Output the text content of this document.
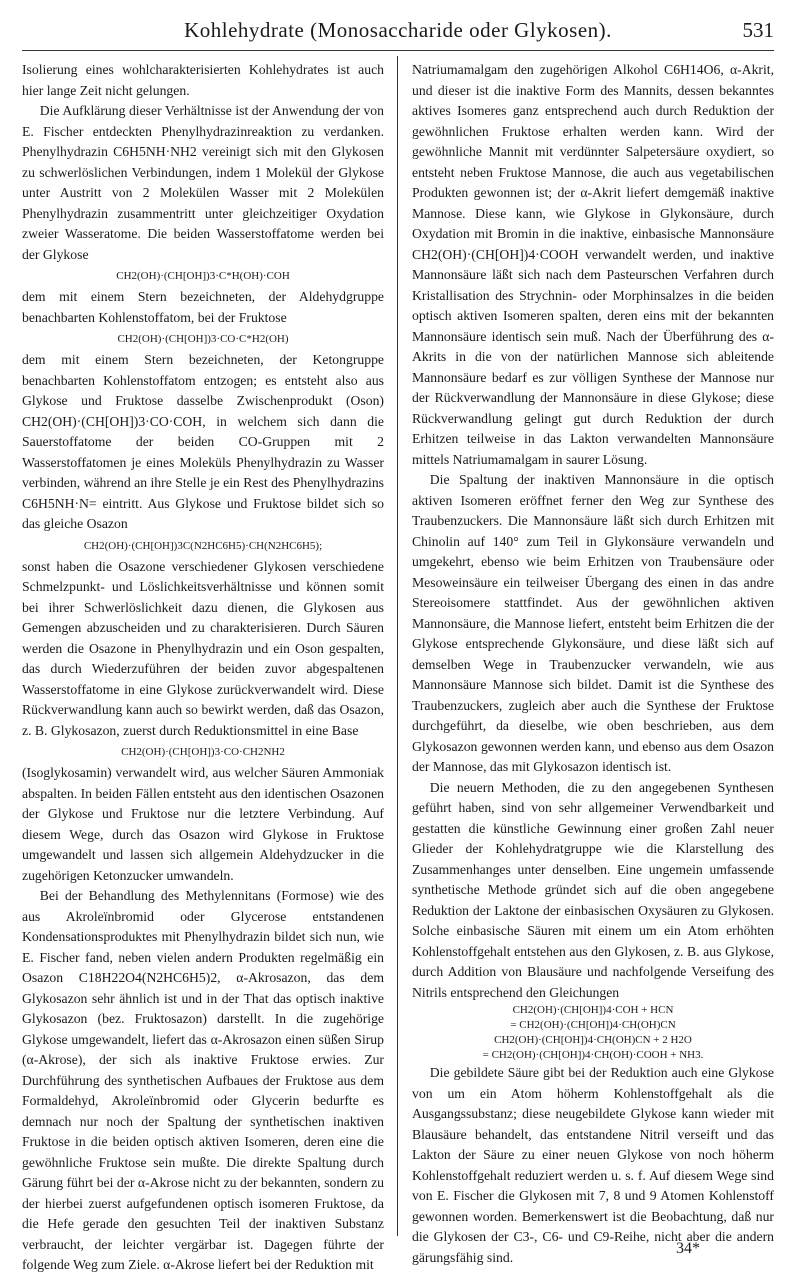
Kohlehydrate (Monosaccharide oder Glykosen).	531

Isolierung eines wohlcharakterisierten Kohlehydrates ist auch hier lange Zeit nicht gelungen.

Die Aufklärung dieser Verhältnisse ist der Anwendung der von E. Fischer entdeckten Phenylhydrazinreaktion zu verdanken. Phenylhydrazin C6H5NH·NH2 vereinigt sich mit den Glykosen zu schwerlöslichen Verbindungen, indem 1 Molekül der Glykose unter Austritt von 2 Molekülen Wasser mit 2 Molekülen Phenylhydrazin zusammentritt unter gleichzeitiger Oxydation zweier Wasseratome. Die beiden Wasserstoffatome werden bei der Glykose

CH2(OH)·(CH[OH])3·C*H(OH)·COH

dem mit einem Stern bezeichneten, der Aldehydgruppe benachbarten Kohlenstoffatom, bei der Fruktose

CH2(OH)·(CH[OH])3·CO·C*H2(OH)

dem mit einem Stern bezeichneten, der Ketongruppe benachbarten Kohlenstoffatom entzogen; es entsteht also aus Glykose und Fruktose dasselbe Zwischenprodukt (Oson) CH2(OH)·(CH[OH])3·CO·COH, in welchem sich dann die Sauerstoffatome der beiden CO-Gruppen mit 2 Wasserstoffatomen je eines Moleküls Phenylhydrazin zu Wasser verbinden, während an ihre Stelle je ein Rest des Phenylhydrazins C6H5NH·N= eintritt. Aus Glykose und Fruktose bildet sich so das gleiche Osazon

CH2(OH)·(CH[OH])3C(N2HC6H5)·CH(N2HC6H5);

sonst haben die Osazone verschiedener Glykosen verschiedene Schmelzpunkt- und Löslichkeitsverhältnisse und können somit bei ihrer Schwerlöslichkeit dazu dienen, die Glykosen aus Gemengen abzuscheiden und zu charakterisieren. Durch Säuren werden die Osazone in Phenylhydrazin und ein Oson gespalten, das durch Wiederzuführen der beiden zuvor abgespaltenen Wasserstoffatome in eine Glykose zurückverwandelt wird. Diese Rückverwandlung kann auch so bewirkt werden, daß das Osazon, z. B. Glykosazon, zuerst durch Reduktionsmittel in eine Base

CH2(OH)·(CH[OH])3·CO·CH2NH2

(Isoglykosamin) verwandelt wird, aus welcher Säuren Ammoniak abspalten. In beiden Fällen entsteht aus den identischen Osazonen der Glykose und Fruktose nur die letztere Verbindung. Auf diesem Wege, durch das Osazon wird Glykose in Fruktose umgewandelt und lassen sich allgemein Aldehydzucker in die zugehörigen Ketonzucker umwandeln.

Bei der Behandlung des Methylennitans (Formose) wie des aus Akroleïnbromid oder Glycerose entstandenen Kondensationsproduktes mit Phenylhydrazin bildet sich nun, wie E. Fischer fand, neben vielen andern Produkten regelmäßig ein Osazon C18H22O4(N2HC6H5)2, α-Akrosazon, das dem Glykosazon sehr ähnlich ist und in der That das optisch inaktive Glykosazon (bez. Fruktosazon) darstellt. In die zugehörige Glykose umgewandelt, liefert das α-Akrosazon einen süßen Sirup (α-Akrose), der sich als inaktive Fruktose erwies. Zur Durchführung des synthetischen Aufbaues der Fruktose aus dem Formaldehyd, Akroleïnbromid oder Glycerin bedurfte es demnach nur noch der Spaltung der synthetischen inaktiven Fruktose in die beiden optisch aktiven Isomeren, deren eine die gewöhnliche Fruktose sein mußte. Die direkte Spaltung durch Gärung führt bei der α-Akrose nicht zu der bekannten, sondern zu der hierbei zuerst aufgefundenen optisch isomeren Fruktose, da die Hefe gerade den gesuchten Teil der inaktiven Substanz verbraucht, der leichter vergärbar ist. Dagegen führte der folgende Weg zum Ziele. α-Akrose liefert bei der Reduktion mit

Natriumamalgam den zugehörigen Alkohol C6H14O6, α-Akrit, und dieser ist die inaktive Form des Mannits, dessen bekanntes aktives Isomeres ganz entsprechend auch durch Reduktion der gewöhnlichen Fruktose erhalten werden kann. Wird der gewöhnliche Mannit mit verdünnter Salpetersäure oxydiert, so entsteht neben Fruktose Mannose, die auch aus vegetabilischen Produkten gewonnen ist; der α-Akrit liefert demgemäß inaktive Mannose. Diese kann, wie Glykose in Glykonsäure, durch Oxydation mit Bromin in die inaktive, einbasische Mannonsäure CH2(OH)·(CH[OH])4·COOH verwandelt werden, und inaktive Mannonsäure läßt sich nach dem Pasteurschen Verfahren durch Kristallisation des Strychnin- oder Morphinsalzes in die beiden optisch aktiven Isomeren spalten, deren eins mit der bekannten Mannonsäure identisch sein muß. Nach der Überführung des α-Akrits in die von der natürlichen Mannose sich ableitende Mannonsäure bedarf es zur völligen Synthese der Mannose nur der Rückverwandlung der Mannonsäure in diese Glykose; diese Rückverwandlung gelingt gut durch Reduktion der durch Erhitzen teilweise in das Lakton verwandelten Mannonsäure mittels Natriumamalgam in saurer Lösung.

Die Spaltung der inaktiven Mannonsäure in die optisch aktiven Isomeren eröffnet ferner den Weg zur Synthese des Traubenzuckers. Die Mannonsäure läßt sich durch Erhitzen mit Chinolin auf 140° zum Teil in Glykonsäure verwandeln und umgekehrt, ebenso wie beim Erhitzen von Traubensäure oder Mesoweinsäure ein teilweiser Übergang des einen in das andre Stereoisomere stattfindet. Aus der gewöhnlichen aktiven Mannonsäure, die Mannose liefert, entsteht beim Erhitzen die der Glykose entsprechende Glykonsäure, und diese läßt sich auf demselben Wege in Traubenzucker verwandeln, wie aus Mannonsäure Mannose sich bildet. Damit ist die Synthese des Traubenzuckers, zugleich aber auch die Synthese der Fruktose durchgeführt, da dieselbe, wie oben beschrieben, aus dem Glykosazon gewonnen werden kann, und ebenso aus dem Osazon der Mannose, das mit Glykosazon identisch ist.

Die neuern Methoden, die zu den angegebenen Synthesen geführt haben, sind von sehr allgemeiner Verwendbarkeit und gestatten die künstliche Gewinnung einer großen Zahl neuer Glieder der Kohlehydratgruppe wie die Klarstellung des Zusammenhanges unter denselben. Eine ungemein umfassende synthetische Methode gründet sich auf die oben angegebene Reduktion der Laktone der einbasischen Oxysäuren zu Glykosen. Solche einbasische Säuren mit einem um ein Atom erhöhten Kohlenstoffgehalt entstehen aus den Glykosen, z. B. aus Glykose, durch Addition von Blausäure und nachfolgende Verseifung des Nitrils entsprechend den Gleichungen

CH2(OH)·(CH[OH])4·COH + HCN
= CH2(OH)·(CH[OH])4·CH(OH)CN
CH2(OH)·(CH[OH])4·CH(OH)CN + 2 H2O
= CH2(OH)·(CH[OH])4·CH(OH)·COOH + NH3.

Die gebildete Säure gibt bei der Reduktion auch eine Glykose von um ein Atom höherm Kohlenstoffgehalt als die Ausgangssubstanz; diese neugebildete Glykose kann wieder mit Blausäure behandelt, das entstandene Nitril verseift und das Lakton der Säure zu einer neuen Glykose von noch höherm Kohlenstoffgehalt reduziert werden u. s. f. Auf diesem Wege sind von E. Fischer die Glykosen mit 7, 8 und 9 Atomen Kohlenstoff gewonnen worden. Bemerkenswert ist die Beobachtung, daß nur die Glykosen der C3-, C6- und C9-Reihe, nicht aber die andern gärungsfähig sind.	34*
